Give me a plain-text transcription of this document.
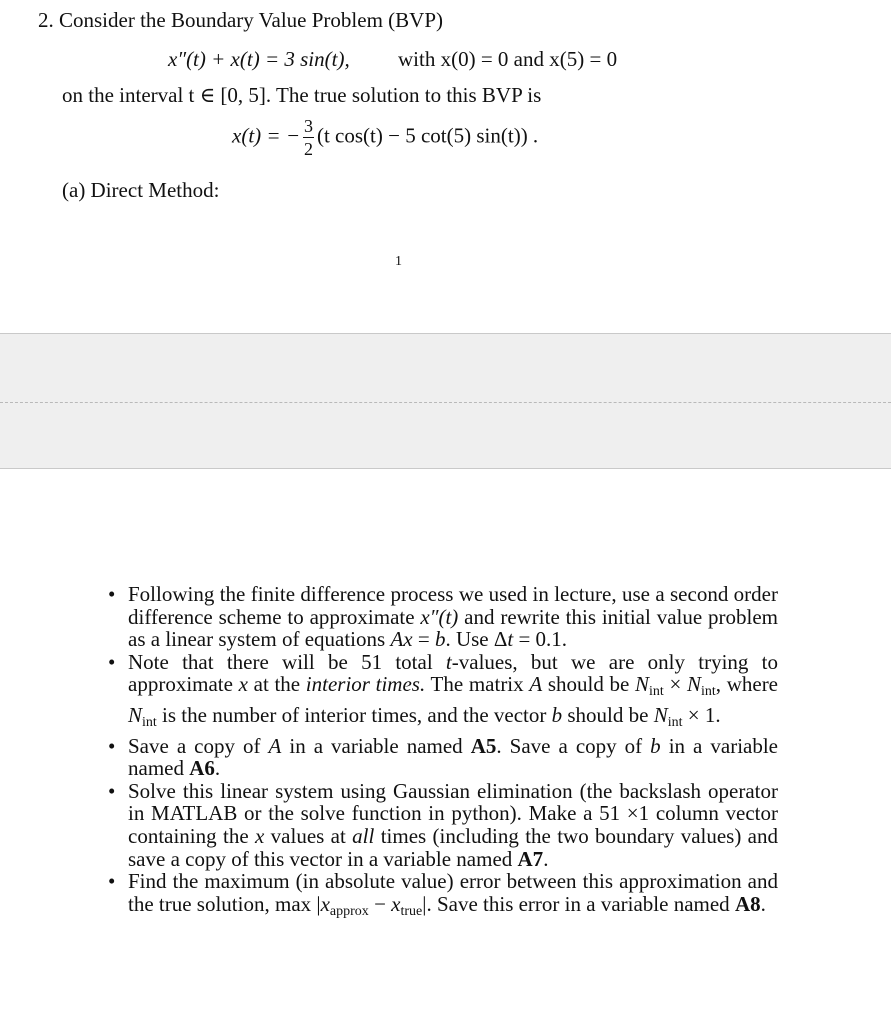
2. Consider the Boundary Value Problem (BVP)
x″(t) + x(t) = 3 sin(t), with x(0) = 0 and x(5) = 0
on the interval t ∈ [0, 5]. The true solution to this BVP is
x(t) = − $\frac{3}{2} (t$ cos(t) − 5 cot(5) sin(t)) .
(a) Direct Method:
1
• Following the finite difference process we used in lecture, use a second order difference scheme to approximate x″(t) and rewrite this initial value problem as a linear system of equations Ax = b. Use Δt = 0.1.
• Note that there will be 51 total t-values, but we are only trying to approximate x at the interior times. The matrix A should be $N_{int} \times N_{int}$, where $N_{int}$ is the number of interior times, and the vector b should be $N_{int} \times 1$.
• Save a copy of A in a variable named A5. Save a copy of b in a variable named A6.
• Solve this linear system using Gaussian elimination (the backslash operator in MATLAB or the solve function in python). Make a 51 ×1 column vector containing the x values at all times (including the two boundary values) and save a copy of this vector in a variable named A7.
• Find the maximum (in absolute value) error between this approximation and the true solution, $\max |x_{approx} - x_{true}|$. Save this error in a variable named A8.
